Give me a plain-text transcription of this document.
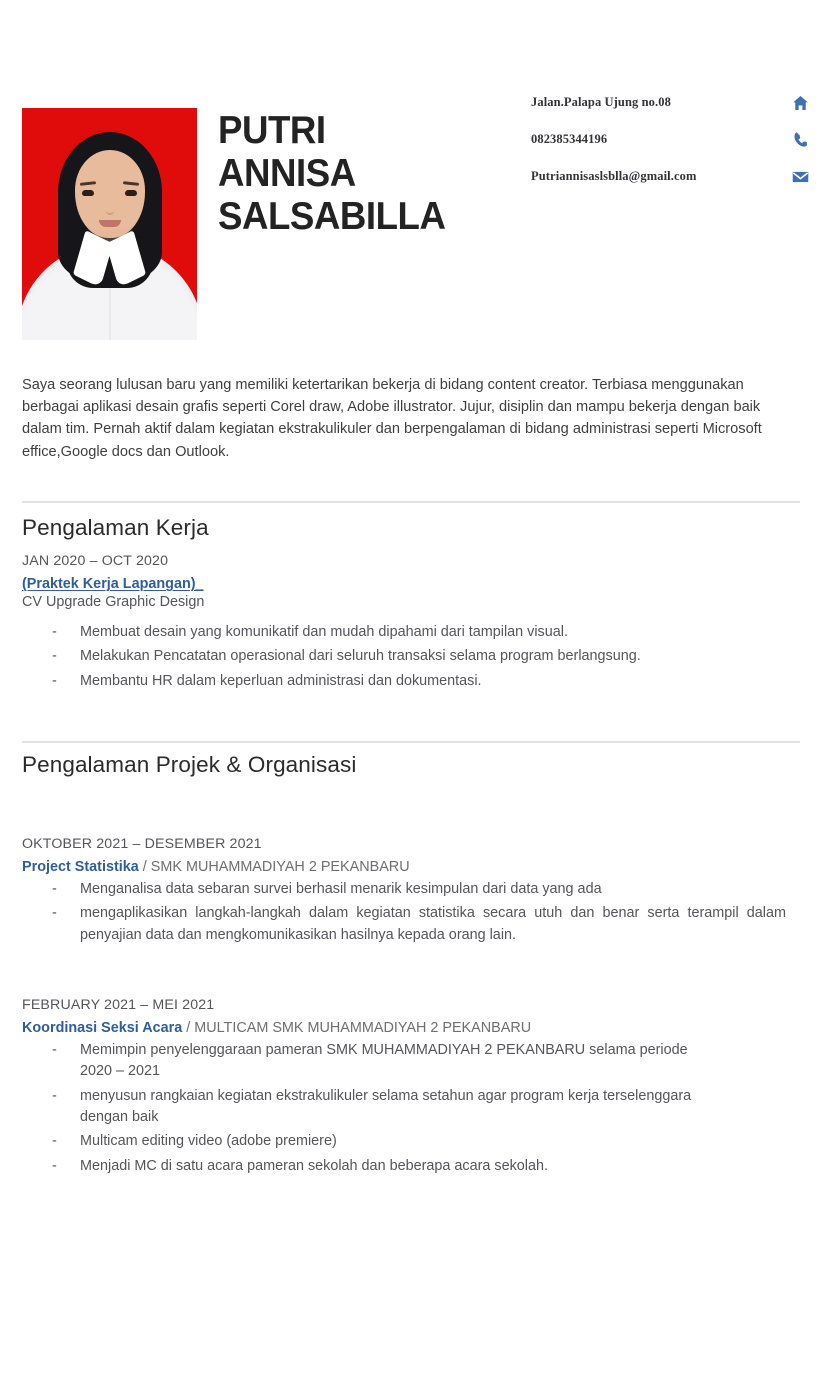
PUTRI
ANNISA
SALSABILLA
Jalan.Palapa Ujung no.08
082385344196
Putriannisaslsblla@gmail.com

Saya seorang lulusan baru yang memiliki ketertarikan bekerja di bidang content creator. Terbiasa menggunakan berbagai aplikasi desain grafis seperti Corel draw, Adobe illustrator. Jujur, disiplin dan mampu bekerja dengan baik dalam tim. Pernah aktif dalam kegiatan ekstrakulikuler dan berpengalaman di bidang administrasi seperti Microsoft effice,Google docs dan Outlook.

Pengalaman Kerja
JAN 2020 – OCT 2020
(Praktek Kerja Lapangan)_
CV Upgrade Graphic Design
- Membuat desain yang komunikatif dan mudah dipahami dari tampilan visual.
- Melakukan Pencatatan operasional dari seluruh transaksi selama program berlangsung.
- Membantu HR dalam keperluan administrasi dan dokumentasi.
Pengalaman Projek & Organisasi
OKTOBER 2021 – DESEMBER 2021
Project Statistika / SMK MUHAMMADIYAH 2 PEKANBARU
- Menganalisa data sebaran survei berhasil menarik kesimpulan dari data yang ada
- mengaplikasikan langkah-langkah dalam kegiatan statistika secara utuh dan benar serta terampil dalam penyajian data dan mengkomunikasikan hasilnya kepada orang lain.
FEBRUARY 2021 – MEI 2021
Koordinasi Seksi Acara / MULTICAM SMK MUHAMMADIYAH 2 PEKANBARU
- Memimpin penyelenggaraan pameran SMK MUHAMMADIYAH 2 PEKANBARU selama periode 2020 – 2021
- menyusun rangkaian kegiatan ekstrakulikuler selama setahun agar program kerja terselenggara dengan baik
- Multicam editing video (adobe premiere)
- Menjadi MC di satu acara pameran sekolah dan beberapa acara sekolah.
